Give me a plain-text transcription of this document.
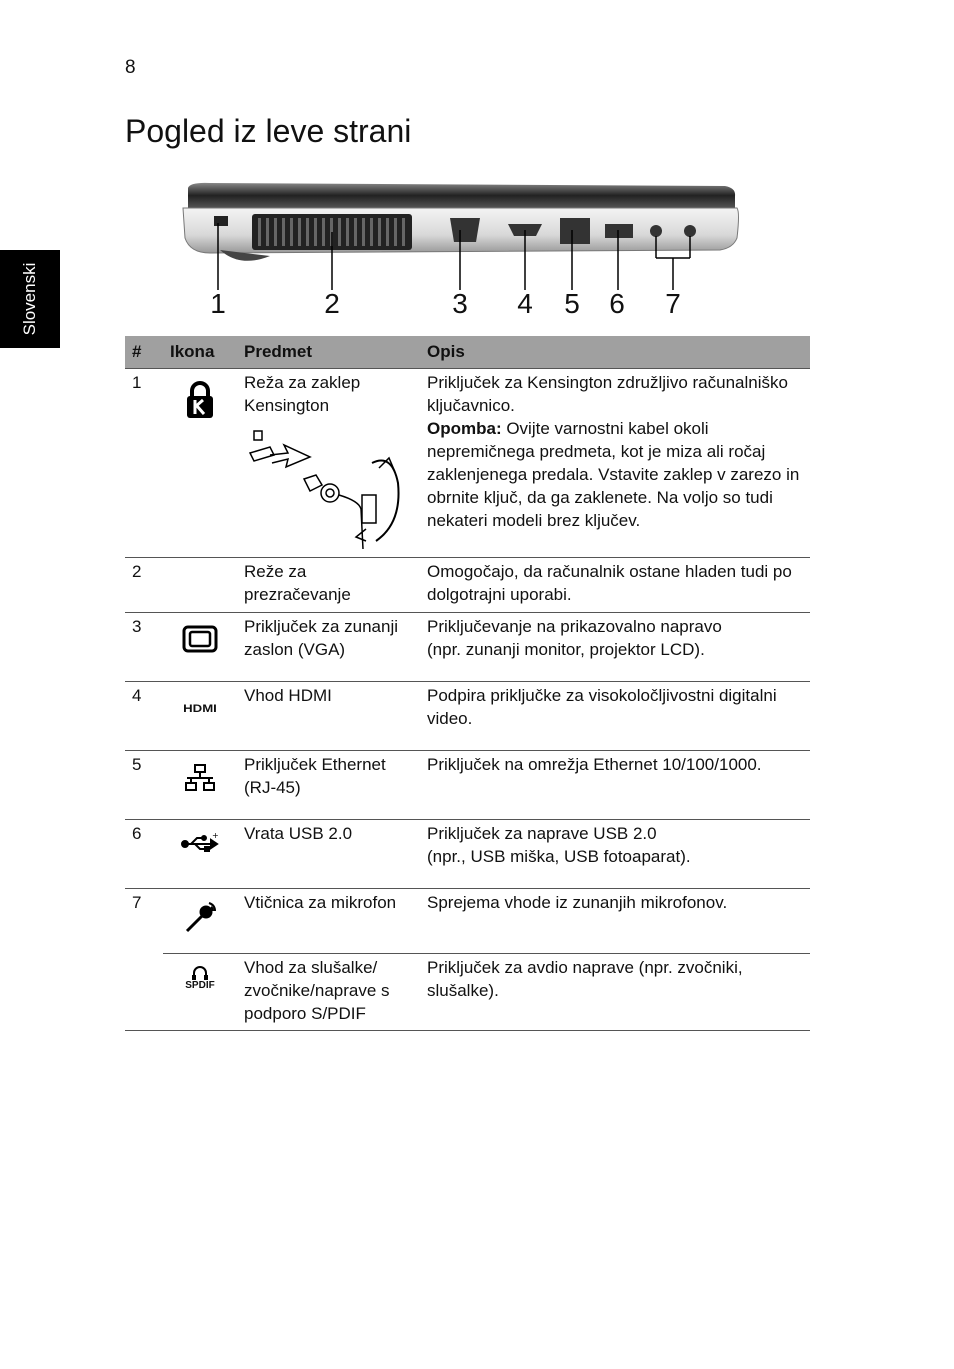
8
Slovenski
Pogled iz leve strani
1	2	3 4 5 6 7
#	Ikona	Predmet	Opis
1		Reža za zaklep Kensington	Priključek za Kensington združljivo računalniško ključavnico.
Opomba: Ovijte varnostni kabel okoli nepremičnega predmeta, kot je miza ali ročaj zaklenjenega predala. Vstavite zaklep v zarezo in obrnite ključ, da ga zaklenete. Na voljo so tudi nekateri modeli brez ključev.
2		Reže za prezračevanje	Omogočajo, da računalnik ostane hladen tudi po dolgotrajni uporabi.
3		Priključek za zunanji zaslon (VGA)	Priključevanje na prikazovalno napravo
(npr. zunanji monitor, projektor LCD).
4	HDMI	Vhod HDMI	Podpira priključke za visokoločljivostni digitalni video.
5		Priključek Ethernet (RJ-45)	Priključek na omrežja Ethernet 10/100/1000.
6	+	Vrata USB 2.0	Priključek za naprave USB 2.0
(npr., USB miška, USB fotoaparat).
7		Vtičnica za mikrofon	Sprejema vhode iz zunanjih mikrofonov.

	SPDIF	Vhod za slušalke/ zvočnike/naprave s podporo S/PDIF	Priključek za avdio naprave (npr. zvočniki, slušalke).
